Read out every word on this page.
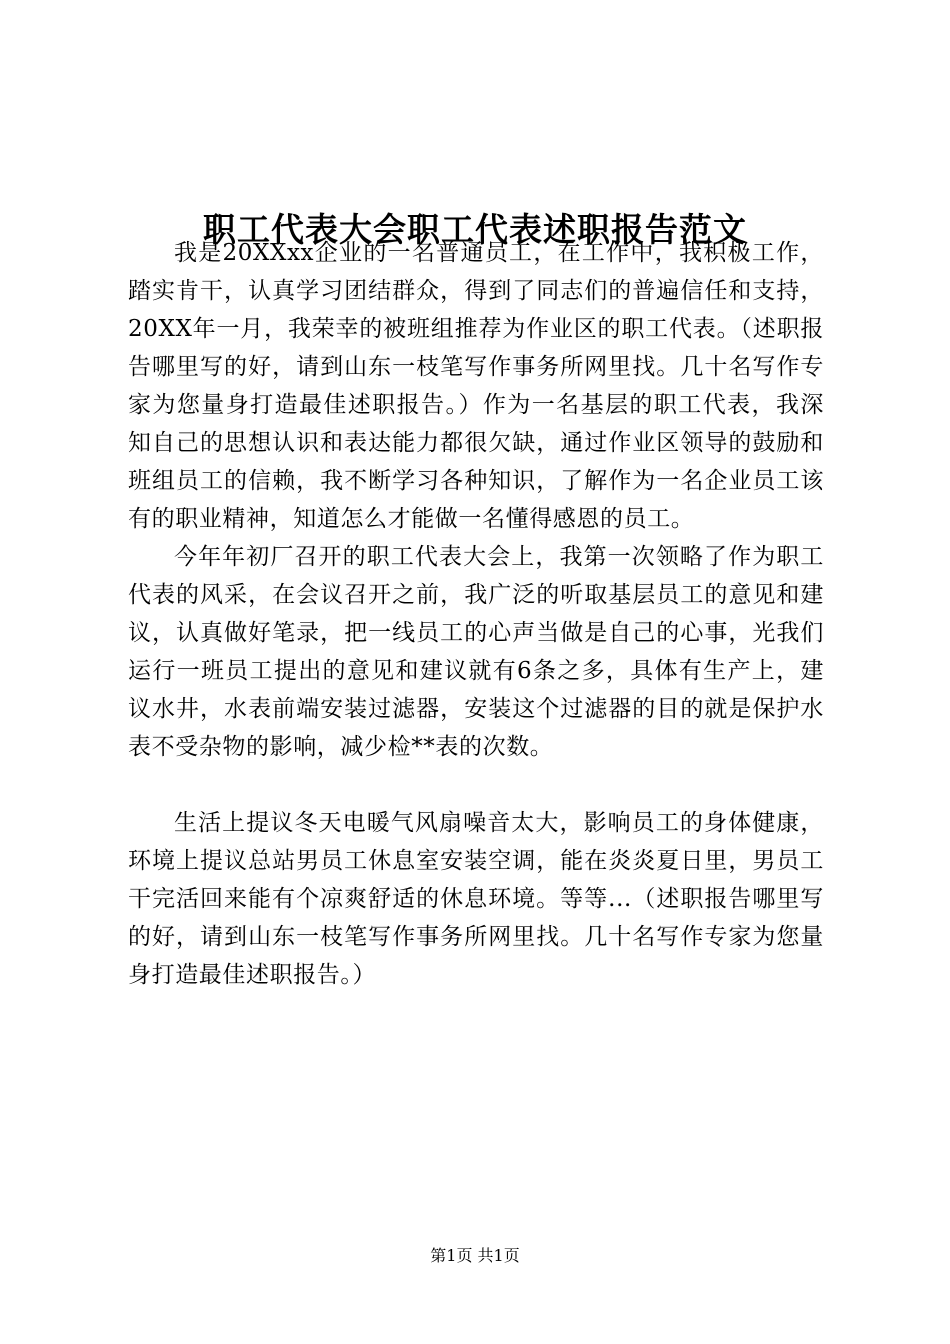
职工代表大会职工代表述职报告范文

我是20XXxx企业的一名普通员工，在工作中，我积极工作，踏实肯干，认真学习团结群众，得到了同志们的普遍信任和支持，20XX年一月，我荣幸的被班组推荐为作业区的职工代表。（述职报告哪里写的好，请到山东一枝笔写作事务所网里找。几十名写作专家为您量身打造最佳述职报告。）作为一名基层的职工代表，我深知自己的思想认识和表达能力都很欠缺，通过作业区领导的鼓励和班组员工的信赖，我不断学习各种知识，了解作为一名企业员工该有的职业精神，知道怎么才能做一名懂得感恩的员工。

今年年初厂召开的职工代表大会上，我第一次领略了作为职工代表的风采，在会议召开之前，我广泛的听取基层员工的意见和建议，认真做好笔录，把一线员工的心声当做是自己的心事，光我们运行一班员工提出的意见和建议就有6条之多，具体有生产上，建议水井，水表前端安装过滤器，安装这个过滤器的目的就是保护水表不受杂物的影响，减少检**表的次数。

生活上提议冬天电暖气风扇噪音太大，影响员工的身体健康，环境上提议总站男员工休息室安装空调，能在炎炎夏日里，男员工干完活回来能有个凉爽舒适的休息环境。等等...（述职报告哪里写的好，请到山东一枝笔写作事务所网里找。几十名写作专家为您量身打造最佳述职报告。）

第1页 共1页
